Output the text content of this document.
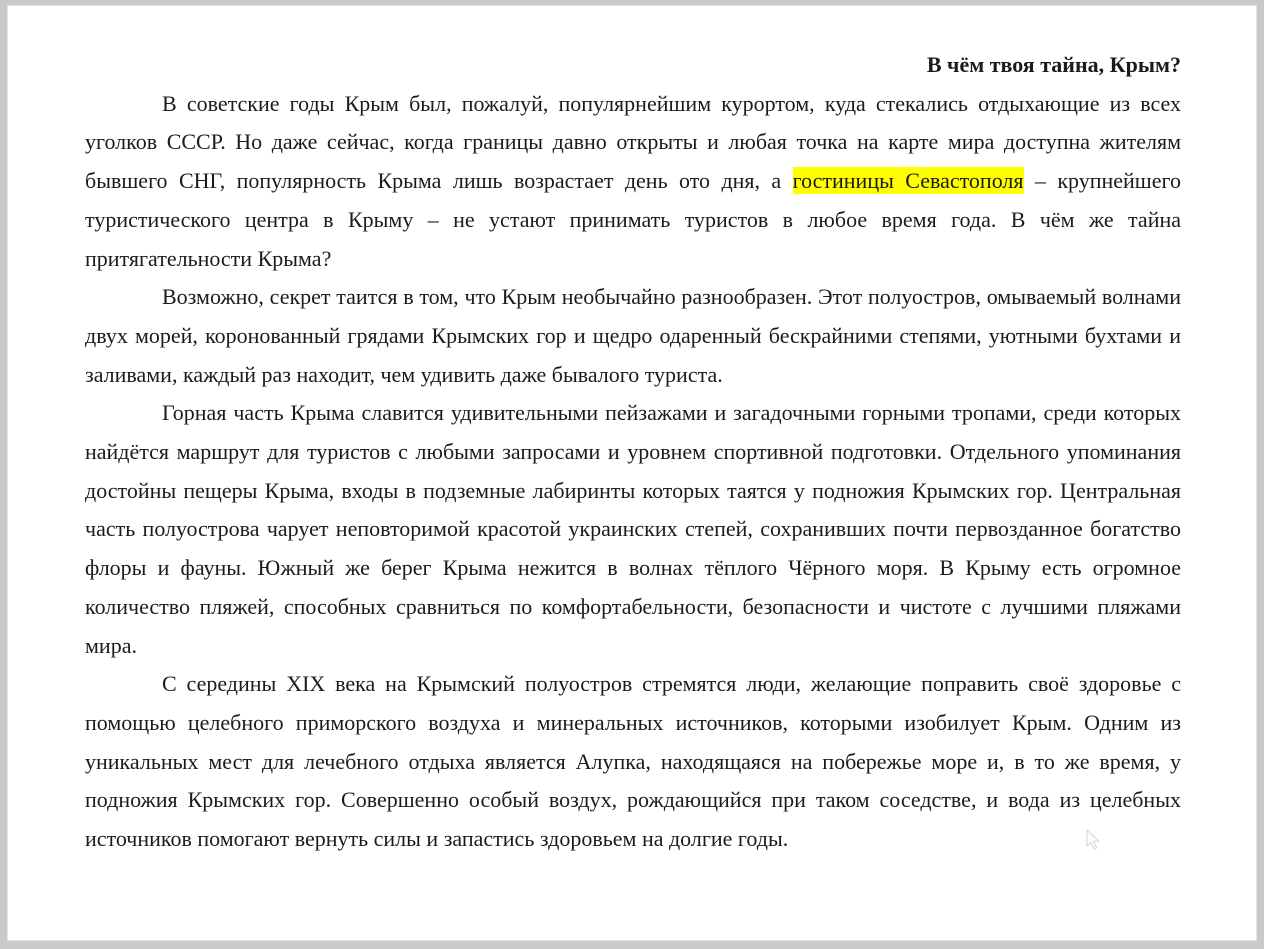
В чём твоя тайна, Крым?

В советские годы Крым был, пожалуй, популярнейшим курортом, куда стекались отдыхающие из всех уголков СССР. Но даже сейчас, когда границы давно открыты и любая точка на карте мира доступна жителям бывшего СНГ, популярность Крыма лишь возрастает день ото дня, а гостиницы Севастополя – крупнейшего туристического центра в Крыму – не устают принимать туристов в любое время года. В чём же тайна притягательности Крыма?

Возможно, секрет таится в том, что Крым необычайно разнообразен. Этот полуостров, омываемый волнами двух морей, коронованный грядами Крымских гор и щедро одаренный бескрайними степями, уютными бухтами и заливами, каждый раз находит, чем удивить даже бывалого туриста.

Горная часть Крыма славится удивительными пейзажами и загадочными горными тропами, среди которых найдётся маршрут для туристов с любыми запросами и уровнем спортивной подготовки. Отдельного упоминания достойны пещеры Крыма, входы в подземные лабиринты которых таятся у подножия Крымских гор. Центральная часть полуострова чарует неповторимой красотой украинских степей, сохранивших почти первозданное богатство флоры и фауны. Южный же берег Крыма нежится в волнах тёплого Чёрного моря. В Крыму есть огромное количество пляжей, способных сравниться по комфортабельности, безопасности и чистоте с лучшими пляжами мира.

С середины XIX века на Крымский полуостров стремятся люди, желающие поправить своё здоровье с помощью целебного приморского воздуха и минеральных источников, которыми изобилует Крым. Одним из уникальных мест для лечебного отдыха является Алупка, находящаяся на побережье море и, в то же время, у подножия Крымских гор. Совершенно особый воздух, рождающийся при таком соседстве, и вода из целебных источников помогают вернуть силы и запастись здоровьем на долгие годы.
